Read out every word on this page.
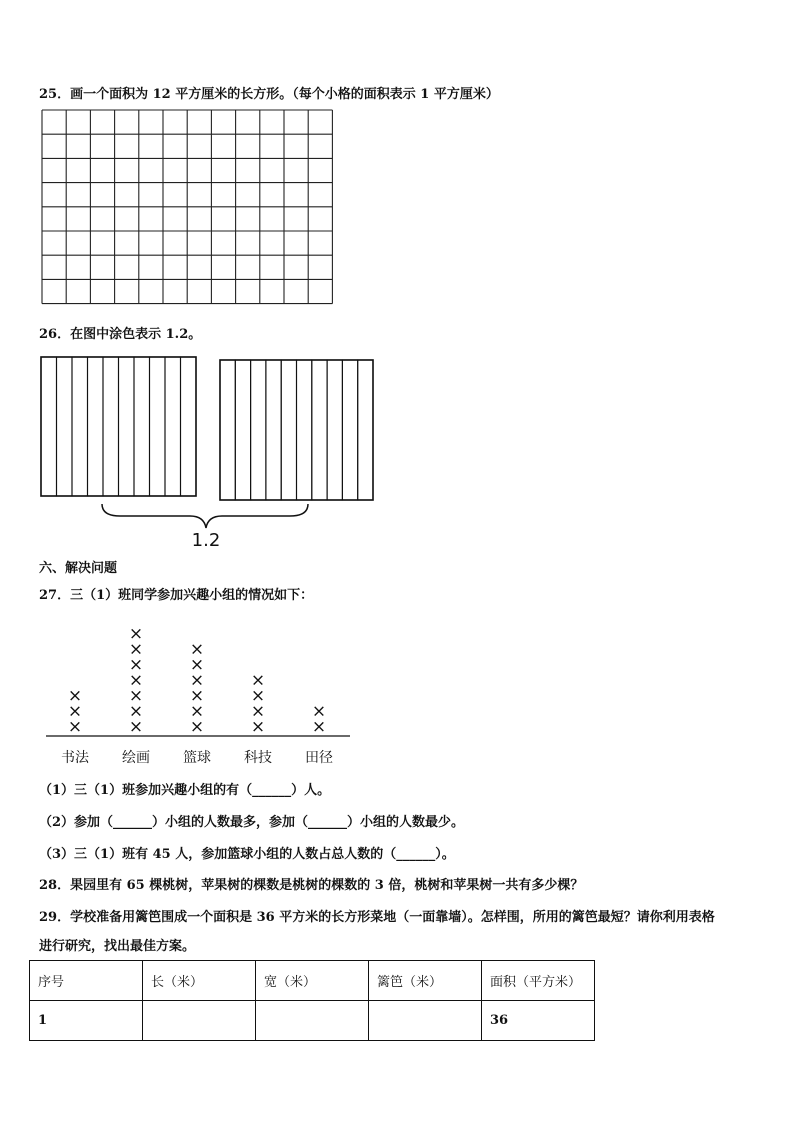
25．画一个面积为 12 平方厘米的长方形。（每个小格的面积表示 1 平方厘米）
26．在图中涂色表示 1.2。
1.2
六、解决问题
27．三（1）班同学参加兴趣小组的情况如下：
×
×
×
书法
×
×
×
×
×
×
×
绘画
×
×
×
×
×
×
篮球
×
×
×
×
科技
×
×
田径
（1）三（1）班参加兴趣小组的有（______）人。
（2）参加（______）小组的人数最多，参加（______）小组的人数最少。
（3）三（1）班有 45 人，参加篮球小组的人数占总人数的（______）。
28．果园里有 65 棵桃树，苹果树的棵数是桃树的棵数的 3 倍，桃树和苹果树一共有多少棵？
29．学校准备用篱笆围成一个面积是 36 平方米的长方形菜地（一面靠墙）。怎样围，所用的篱笆最短？请你利用表格
进行研究，找出最佳方案。
序号	长（米）	宽（米）	篱笆（米）	面积（平方米）
1				36
